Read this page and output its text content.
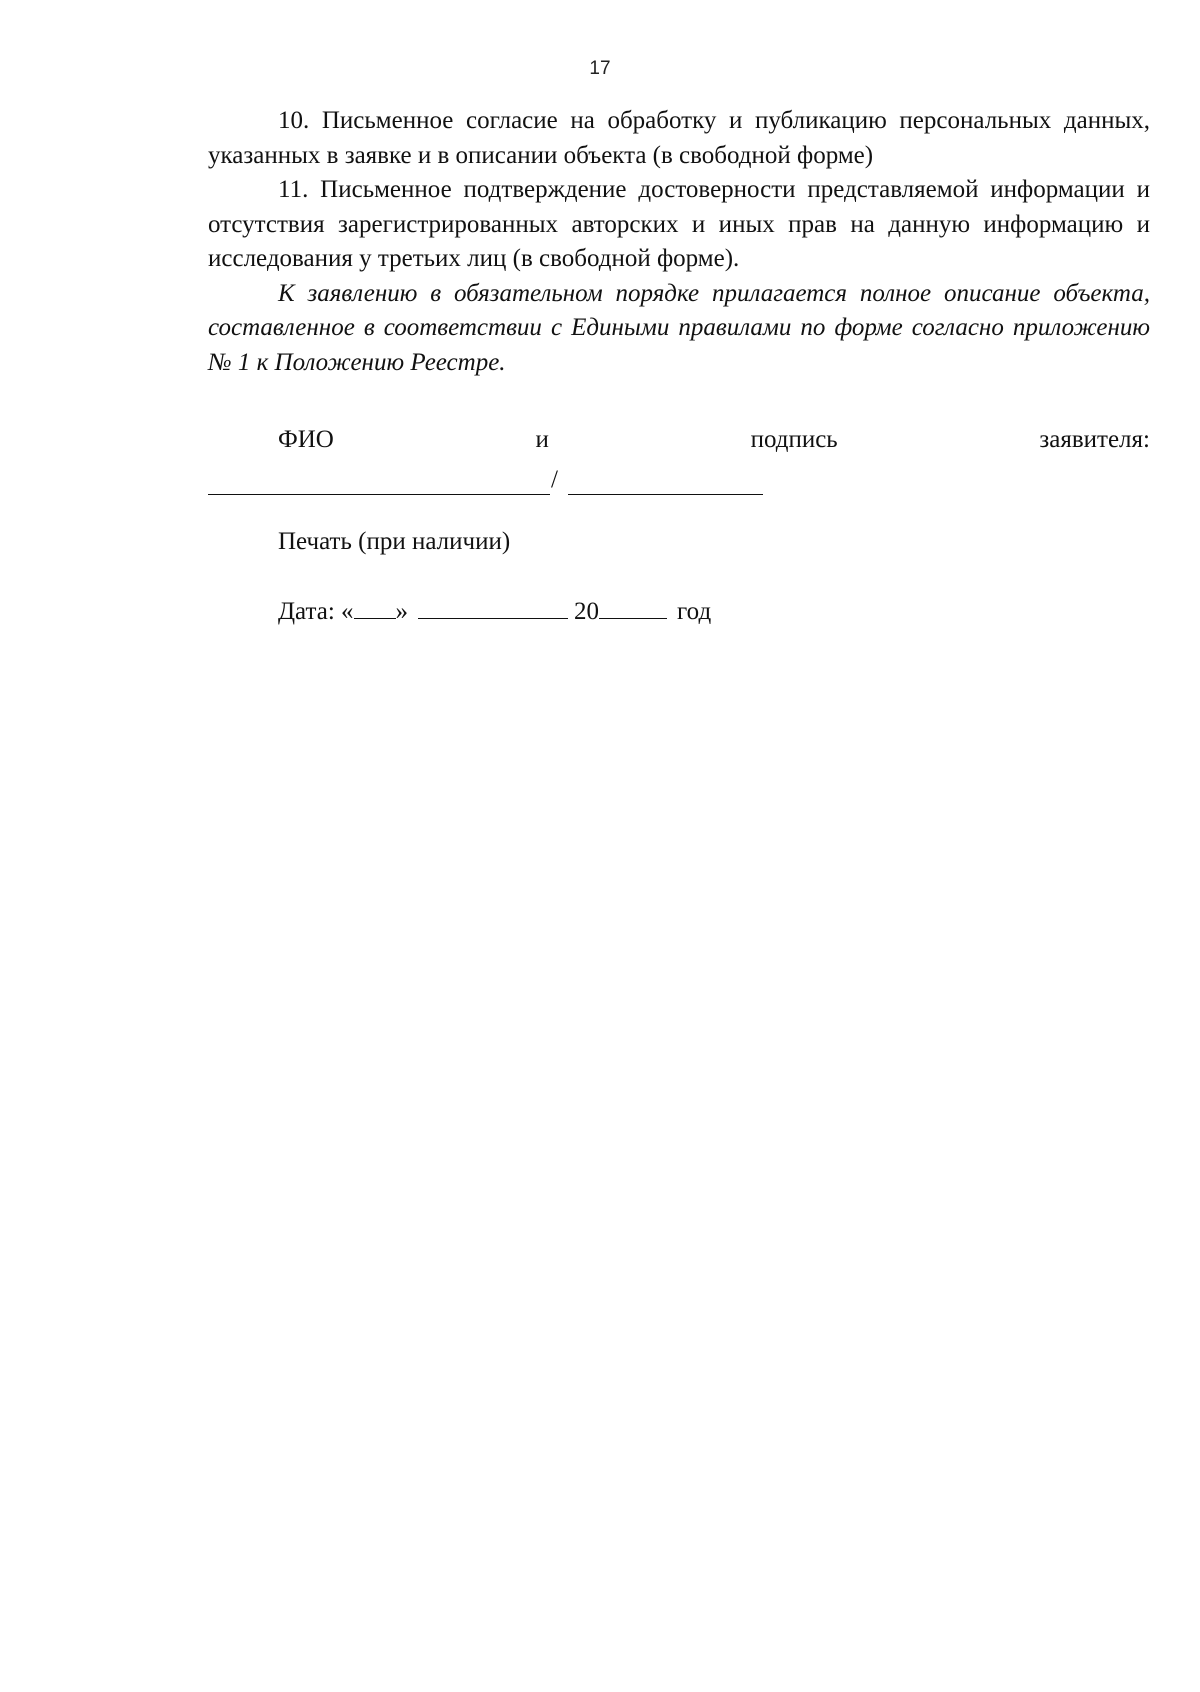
17

10. Письменное согласие на обработку и публикацию персональных данных, указанных в заявке и в описании объекта (в свободной форме)

11. Письменное подтверждение достоверности представляемой информации и отсутствия зарегистрированных авторских и иных прав на данную информацию и исследования у третьих лиц (в свободной форме).

К заявлению в обязательном порядке прилагается полное описание объекта, составленное в соответствии с Едиными правилами по форме согласно приложению № 1 к Положению Реестре.

ФИО	и	подпись	заявителя:
/
Печать (при наличии)
Дата: « »	20	год
